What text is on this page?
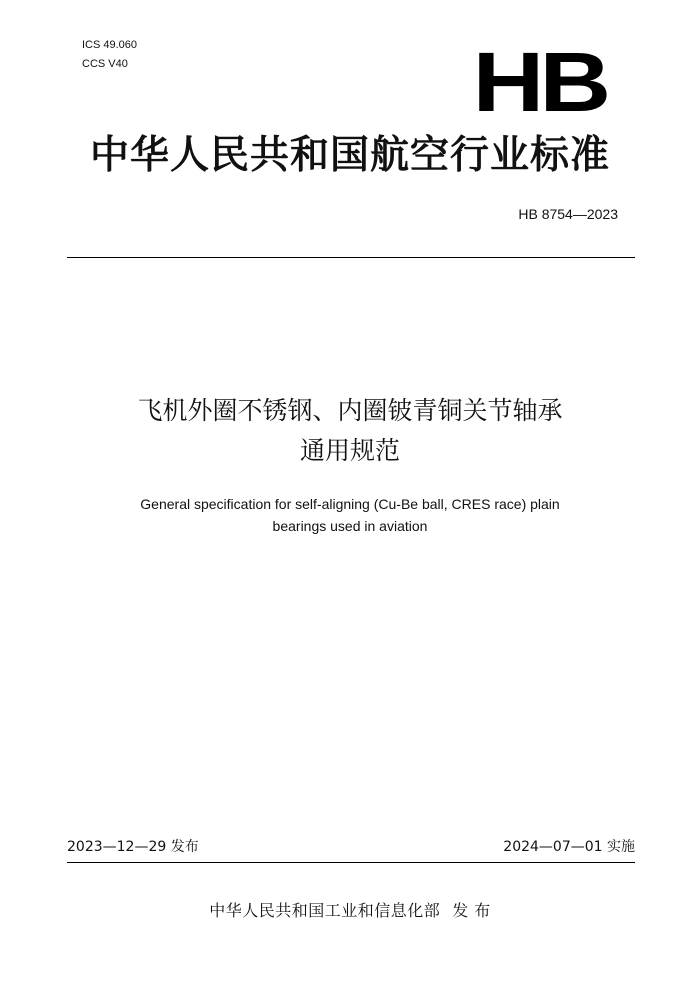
ICS 49.060
CCS V40	HB
中华人民共和国航空行业标准
HB 8754—2023
飞机外圈不锈钢、内圈铍青铜关节轴承
通用规范
General specification for self-aligning (Cu-Be ball, CRES race) plain
bearings used in aviation
2023—12—29 发布	2024—07—01 实施
中华人民共和国工业和信息化部 发 布
